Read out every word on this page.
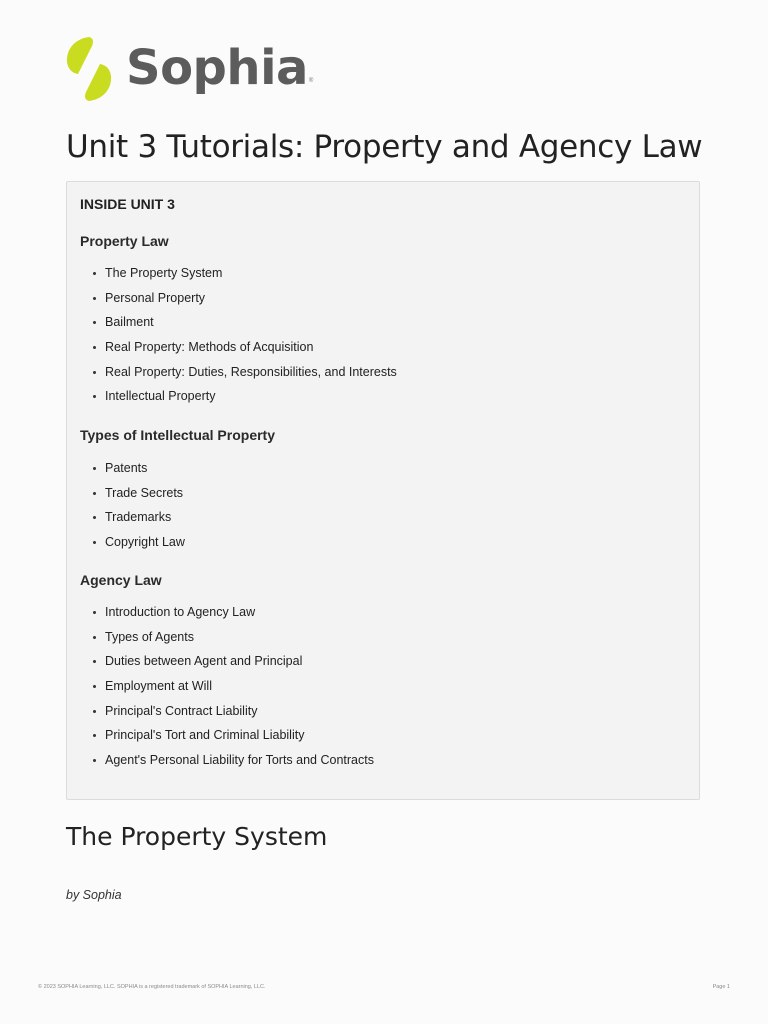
Sophia ®
Unit 3 Tutorials: Property and Agency Law
INSIDE UNIT 3
Property Law
The Property System
Personal Property
Bailment
Real Property: Methods of Acquisition
Real Property: Duties, Responsibilities, and Interests
Intellectual Property
Types of Intellectual Property
Patents
Trade Secrets
Trademarks
Copyright Law
Agency Law
Introduction to Agency Law
Types of Agents
Duties between Agent and Principal
Employment at Will
Principal's Contract Liability
Principal's Tort and Criminal Liability
Agent's Personal Liability for Torts and Contracts
The Property System
by Sophia
© 2023 SOPHIA Learning, LLC. SOPHIA is a registered trademark of SOPHIA Learning, LLC.	Page 1
